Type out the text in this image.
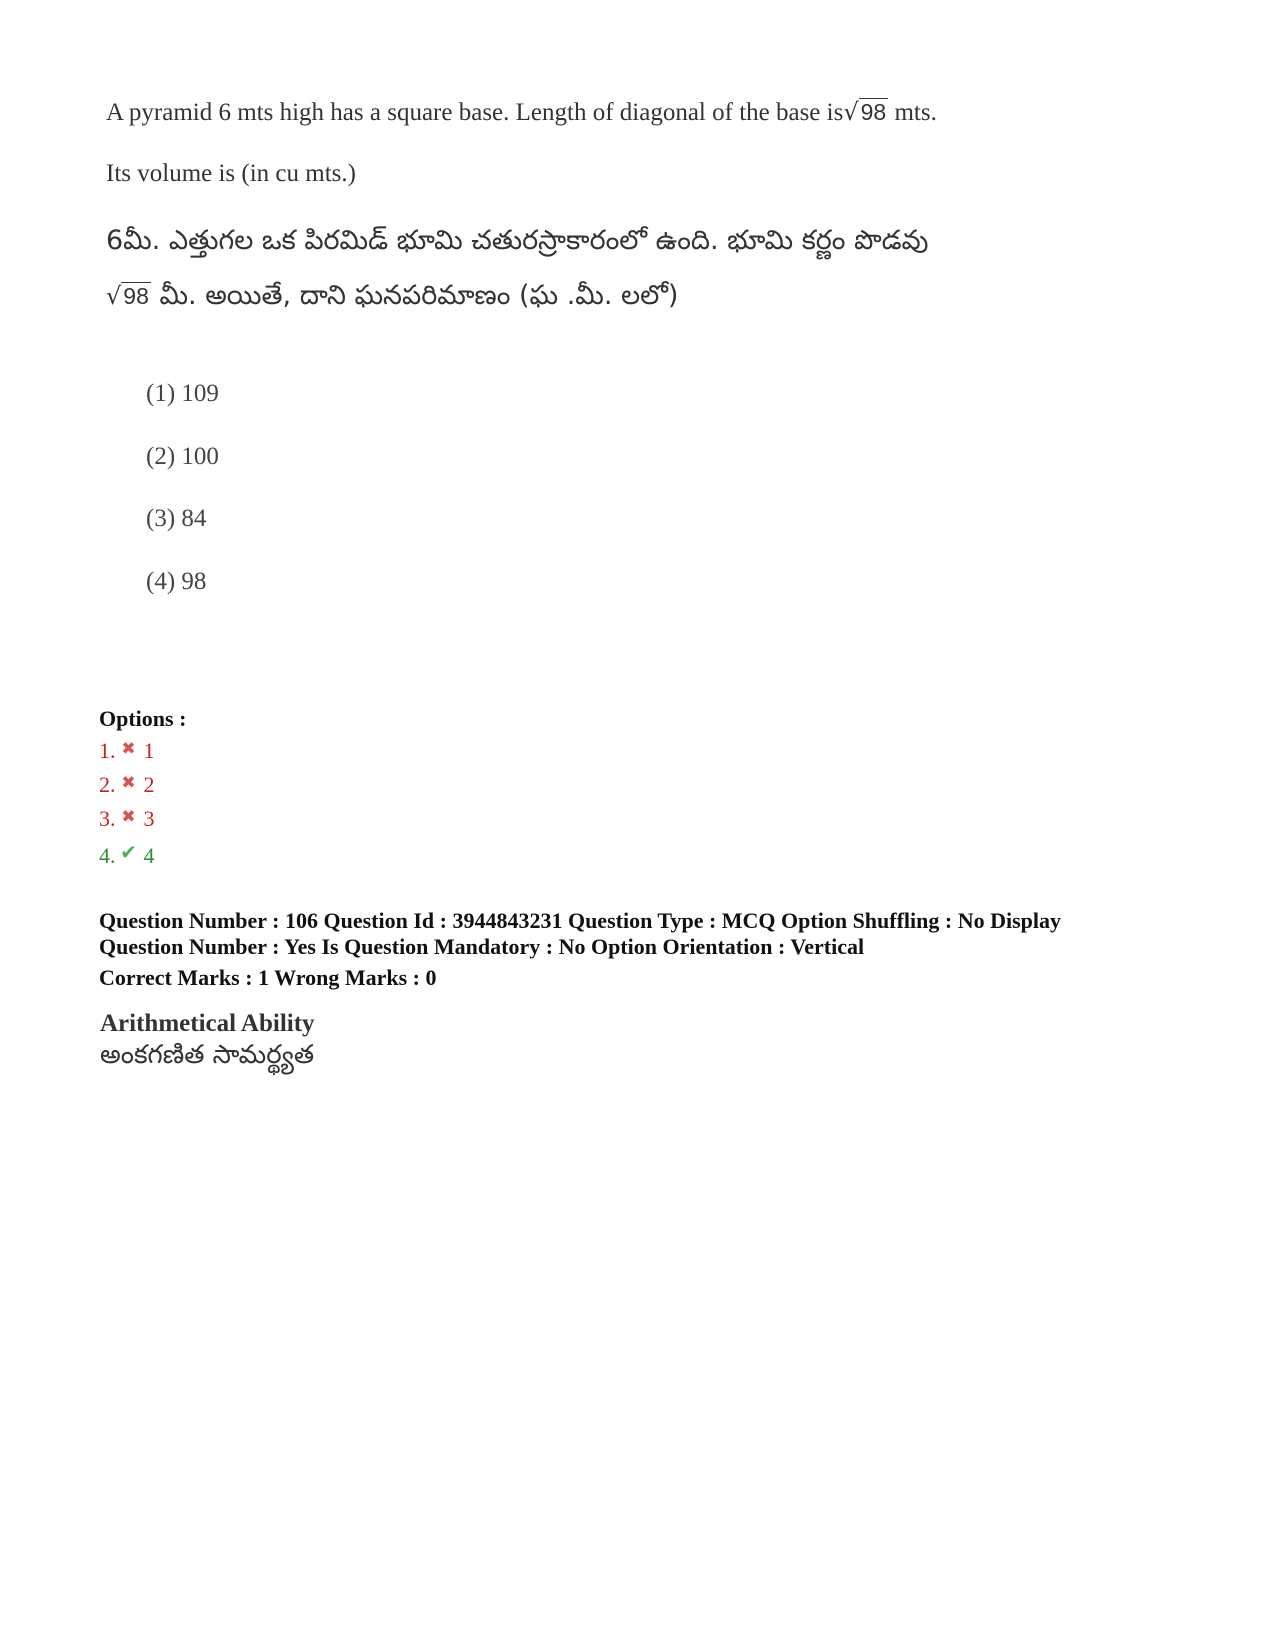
A pyramid 6 mts high has a square base. Length of diagonal of the base is√98 mts.
Its volume is (in cu mts.)
6మీ. ఎత్తుగల ఒక పిరమిడ్ భూమి చతురస్రాకారంలో ఉంది. భూమి కర్ణం పొడవు
√98 మీ. అయితే, దాని ఘనపరిమాణం (ఘ .మీ. లలో)
(1) 109
(2) 100
(3) 84
(4) 98
Options :
1. ✖ 1
2. ✖ 2
3. ✖ 3
4. ✔ 4
Question Number : 106 Question Id : 3944843231 Question Type : MCQ Option Shuffling : No Display
Question Number : Yes Is Question Mandatory : No Option Orientation : Vertical
Correct Marks : 1 Wrong Marks : 0
Arithmetical Ability
అంకగణిత సామర్థ్యత
